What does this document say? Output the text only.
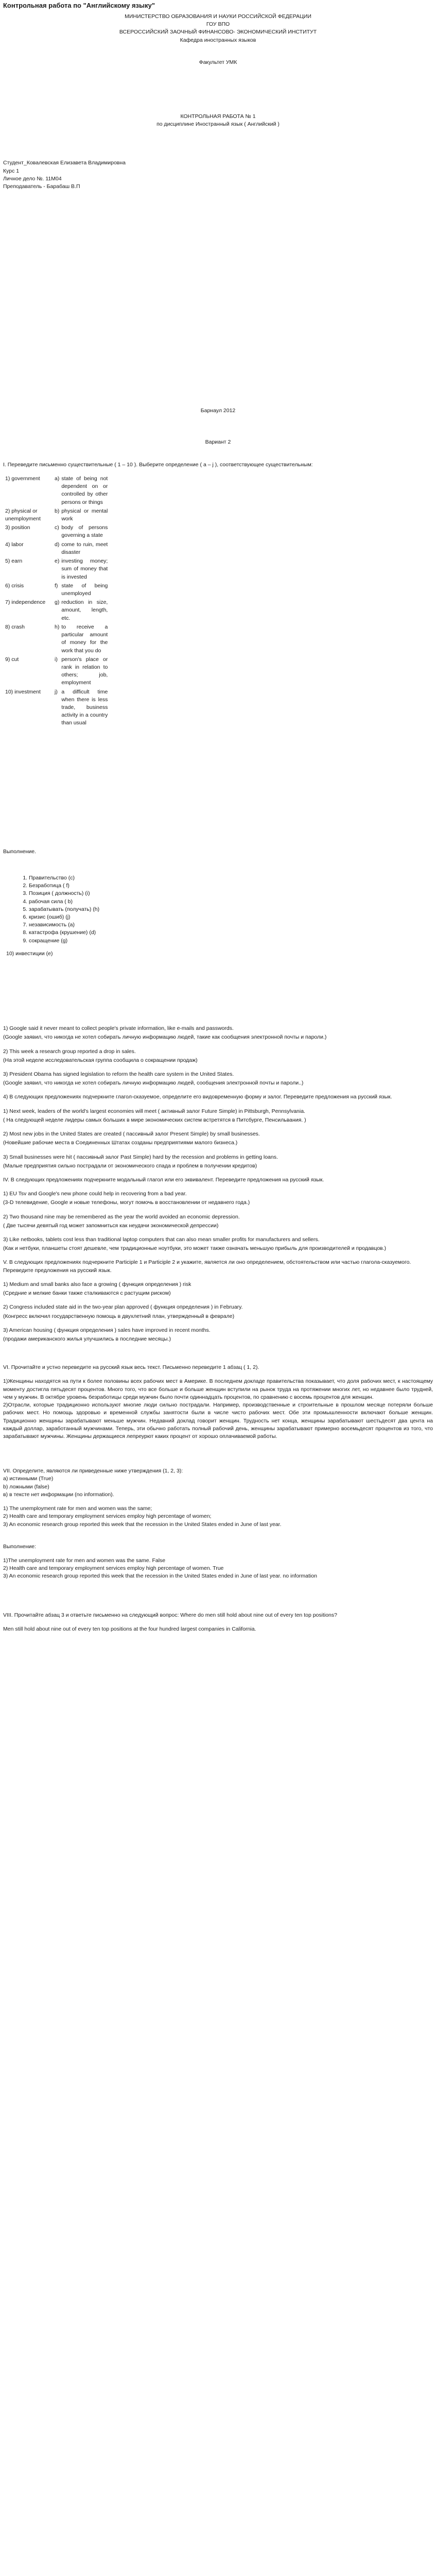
Контрольная работа по "Английскому языку"
МИНИСТЕРСТВО ОБРАЗОВАНИЯ И НАУКИ РОССИЙСКОЙ ФЕДЕРАЦИИ
ГОУ ВПО
ВСЕРОССИЙСКИЙ ЗАОЧНЫЙ ФИНАНСОВО- ЭКОНОМИЧЕСКИЙ ИНСТИТУТ
Кафедра иностранных языков
Факультет УМК
КОНТРОЛЬНАЯ РАБОТА № 1
по дисциплине Иностранный язык ( Английский )
Студент_Ковалевская Елизавета Владимировна
Курс 1
Личное дело №. 11М04
Преподаватель - Барабаш В.П
Барнаул 2012
Вариант 2

I. Переведите письменно существительные ( 1 – 10 ). Выберите определение ( а – j ), соответствующее существительным:

1) government	a)	state of being not dependent on or controlled by other persons or things
2) physical or unemployment	b)	physical or mental work
3) position	c)	body of persons governing a state
4) labor	d)	come to ruin, meet disaster
5) earn	e)	investing money; sum of money that is invested
6) crisis	f)	state of being unemployed
7) independence	g)	reduction in size, amount, length, etc.
8) crash	h)	to receive a particular amount of money for the work that you do
9) cut	i)	person's place or rank in relation to others; job, employment
10) investment	j)	a difficult time when there is less trade, business activity in a country than usual

Выполнение.

1. Правительство (с)
2. Безработица ( f)
3. Позиция ( должность) (i)
4. рабочая сила ( b)
5. зарабатывать (получать) (h)
6. кризис (ошиб) (j)
7. независимость (а)
8. катастрофа (крушение) (d)
9. сокращение (g)
10) инвестиции (e)
1) Google said it never meant to collect people's private information, like e-mails and passwords.
(Google заявил, что никогда не хотел собирать личную информацию людей, такие как сообщения электронной почты и пароли.)
2) This week a research group reported a drop in sales.
(На этой неделе исследовательская группа сообщила о сокращении продаж)
3) President Obama has signed legislation to reform the health care system in the United States.
(Google заявил, что никогда не хотел собирать личную информацию людей, сообщения электронной почты и пароли..)
4) В следующих предложениях подчеркните глагол-сказуемое, определите его видовременную форму и залог. Переведите предложения на русский язык.
1) Next week, leaders of the world's largest economies will meet ( активный залог Future Simple) in Pittsburgh, Pennsylvania.
( На следующей неделе лидеры самых больших в мире экономических систем встретятся в Питсбурге, Пенсильвания. )
2) Most new jobs in the United States are created ( пассивный залог Present Simple) by small businesses.
(Новейшие рабочие места в Соединенных Штатах созданы предприятиями малого бизнеса.)
3) Small businesses were hit ( пассивный залог Past Simple) hard by the recession and problems in getting loans.
(Малые предприятия сильно пострадали от экономического спада и проблем в получении кредитов)
IV. В следующих предложениях подчеркните модальный глагол или его эквивалент. Переведите предложения на русский язык.
1) EU Tsv and Google's new phone could help in recovering from a bad year.
(3-D телевидение, Google и новые телефоны, могут помочь в восстановлении от недавнего года.)
2) Two thousand nine may be remembered as the year the world avoided an economic depression.
( Две тысячи девятый год может запомниться как неудачи экономической депрессии)
3) Like netbooks, tablets cost less than traditional laptop computers that can also mean smaller profits for manufacturers and sellers.
(Как и нетбуки, планшеты стоят дешевле, чем традиционные ноутбуки, это может также означать меньшую прибыль для производителей и продавцов.)
V. В следующих предложениях подчеркните Participle 1 и Participle 2 и укажите, является ли оно определением, обстоятельством или частью глагола-сказуемого. Переведите предложения на русский язык.
1) Medium and small banks also face a growing ( функция определения ) risk
(Средние и мелкие банки также сталкиваются с растущим риском)
2) Congress included state aid in the two-year plan approved ( функция определения ) in February.
(Конгресс включил государственную помощь в двухлетний план, утвержденный в феврале)
3) American housing ( функция определения ) sales have improved in recent months.
(продажи американского жилья улучшились в последние месяцы.)

VI. Прочитайте и устно переведите на русский язык весь текст. Письменно переведите 1 абзац ( 1, 2).

1)Женщины находятся на пути к более половины всех рабочих мест в Америке. В последнем докладе правительства показывает, что доля рабочих мест, к настоящему моменту достигла пятьдесят процентов. Много того, что все больше и больше женщин вступили на рынок труда на протяжении многих лет, но недавнее было трудней, чем у мужчин. В октябре уровень безработицы среди мужчин было почти одиннадцать процентов, по сравнению с восемь процентов для женщин.
2)Отрасли, которые традиционно используют многие люди сильно пострадали. Например, производственные и строительные в прошлом месяце потеряли больше рабочих мест. Но помощь здоровью и временной службы занятости были в числе чисто рабочих мест. Обе эти промышленности включают больше женщин. Традиционно женщины зарабатывают меньше мужчин. Недавний доклад говорит женщин. Трудность нет конца, женщины зарабатывают шестьдесят два цента на каждый доллар, заработанный мужчинами. Теперь, эти обычно работать полный рабочий день, женщины зарабатывают примерно восемьдесят процентов из того, что зарабатывают мужчины. Женщины держащиеся лепреурют каких процент от хорошо оплачиваемой работы.

VII. Определите, являются ли приведенные ниже утверждения (1, 2, 3):
a) истинными (True)
b) ложными (false)
в) в тексте нет информации (no information).
1) The unemployment rate for men and women was the same;
2) Health care and temporary employment services employ high percentage of women;
3) An economic research group reported this week that the recession in the United States ended in June of last year.
Выполнение:
1)The unemployment rate for men and women was the same. False
2) Health care and temporary employment services employ high percentage of women. True
3) An economic research group reported this week that the recession in the United States ended in June of last year. no information

VIII. Прочитайте абзац 3 и ответьте письменно на следующий вопрос: Where do men still hold about nine out of every ten top positions?

Men still hold about nine out of every ten top positions at the four hundred largest companies in California.
